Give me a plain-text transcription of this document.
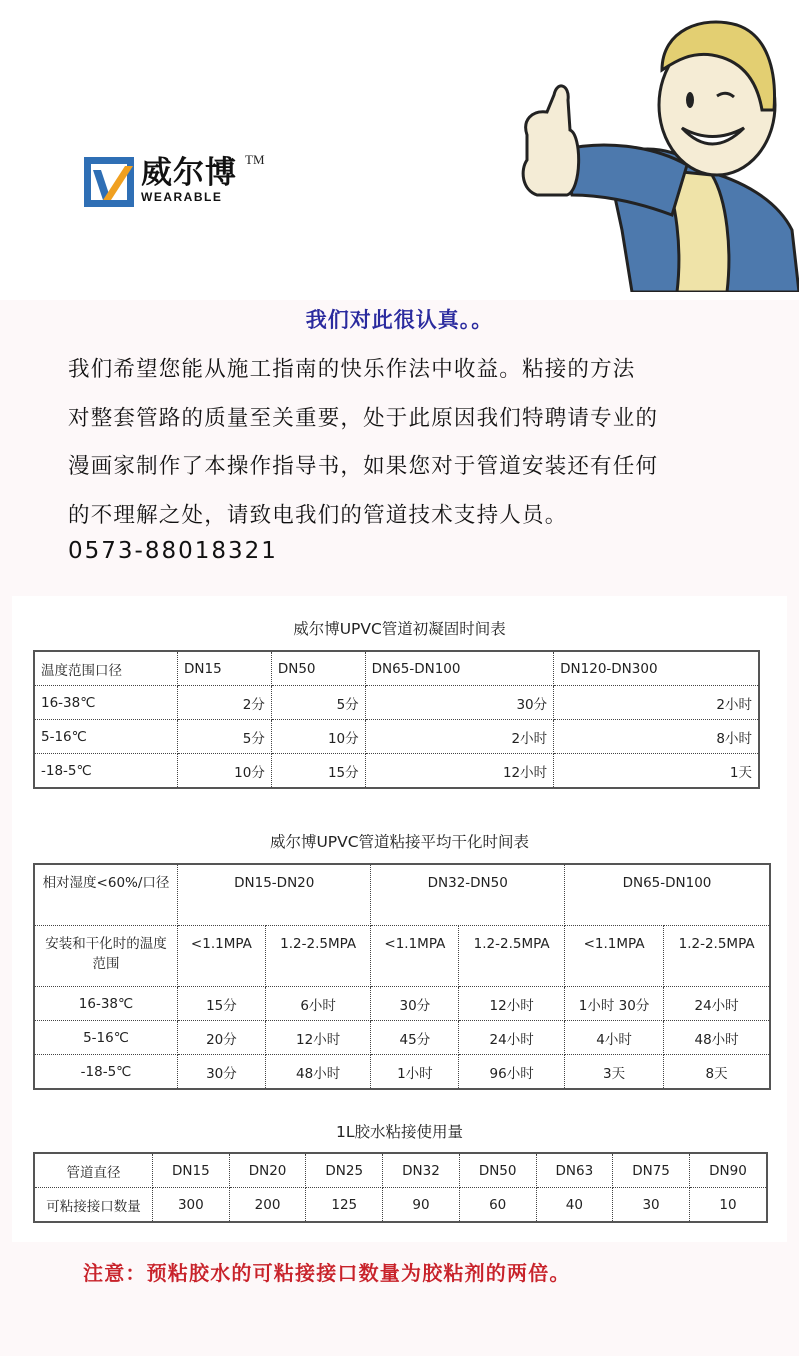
威尔博
WEARABLE
TM
我们对此很认真。。
我们希望您能从施工指南的快乐作法中收益。粘接的方法
对整套管路的质量至关重要，处于此原因我们特聘请专业的
漫画家制作了本操作指导书，如果您对于管道安装还有任何
的不理解之处，请致电我们的管道技术支持人员。
0573-88018321
威尔博UPVC管道初凝固时间表
温度范围口径	DN15	DN50	DN65-DN100	DN120-DN300
16-38℃	2分	5分	30分	2小时
5-16℃	5分	10分	2小时	8小时
-18-5℃	10分	15分	12小时	1天
威尔博UPVC管道粘接平均干化时间表
相对湿度<60%/口径	DN15-DN20		DN32-DN50		DN65-DN100	
安装和干化时的温度范围	<1.1MPA	1.2-2.5MPA	<1.1MPA	1.2-2.5MPA	<1.1MPA	1.2-2.5MPA
16-38℃	15分	6小时	30分	12小时	1小时 30分	24小时
5-16℃	20分	12小时	45分	24小时	4小时	48小时
-18-5℃	30分	48小时	1小时	96小时	3天	8天
1L胶水粘接使用量
管道直径	DN15	DN20	DN25	DN32	DN50	DN63	DN75	DN90
可粘接接口数量	300	200	125	90	60	40	30	10
注意：预粘胶水的可粘接接口数量为胶粘剂的两倍。
